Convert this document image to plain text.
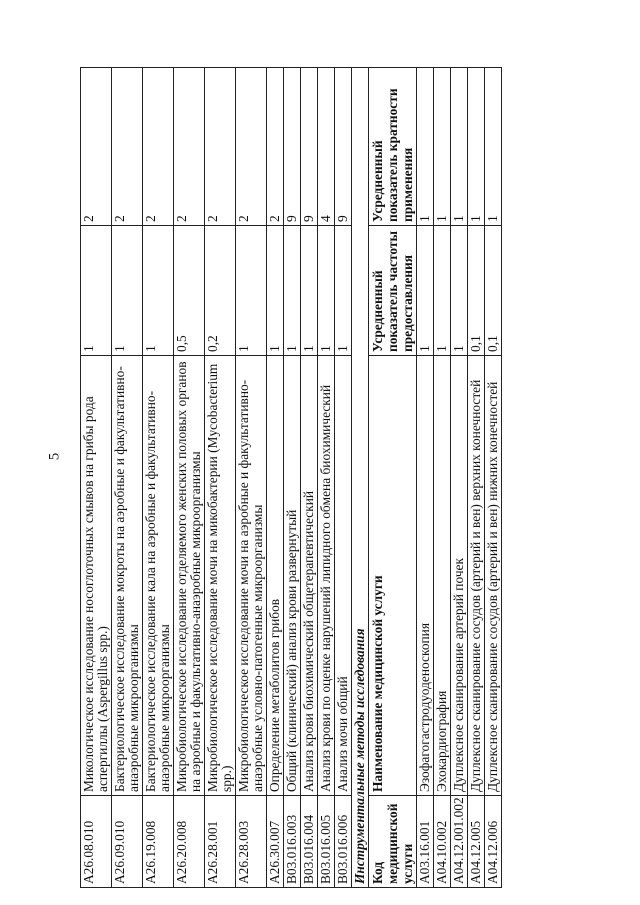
5
A26.08.010	Микологическое исследование носоглоточных смывов на грибы рода аспергиллы (Aspergillus spp.)	1	2
A26.09.010	Бактериологическое исследование мокроты на аэробные и факультативно-анаэробные микроорганизмы	1	2
A26.19.008	Бактериологическое исследование кала на аэробные и факультативно-анаэробные микроорганизмы	1	2
A26.20.008	Микробиологическое исследование отделяемого женских половых органов на аэробные и факультативно-анаэробные микроорганизмы	0,5	2
A26.28.001	Микробиологическое исследование мочи на микобактерии (Mycobacterium spp.)	0,2	2
A26.28.003	Микробиологическое исследование мочи на аэробные и факультативно-анаэробные условно-патогенные микроорганизмы	1	2
A26.30.007	Определение метаболитов грибов	1	2
B03.016.003	Общий (клинический) анализ крови развернутый	1	9
B03.016.004	Анализ крови биохимический общетерапевтический	1	9
B03.016.005	Анализ крови по оценке нарушений липидного обмена биохимический	1	4
B03.016.006	Анализ мочи общий	1	9
Инструментальные методы исследования			
Код медицинской услуги	Наименование медицинской услуги	Усредненный показатель частоты предоставления	Усредненный показатель кратности применения
A03.16.001	Эзофагогастродуоденоскопия	1	1
A04.10.002	Эхокардиография	1	1
A04.12.001.002	Дуплексное сканирование артерий почек	1	1
A04.12.005	Дуплексное сканирование сосудов (артерий и вен) верхних конечностей	0,1	1
A04.12.006	Дуплексное сканирование сосудов (артерий и вен) нижних конечностей	0,1	1
